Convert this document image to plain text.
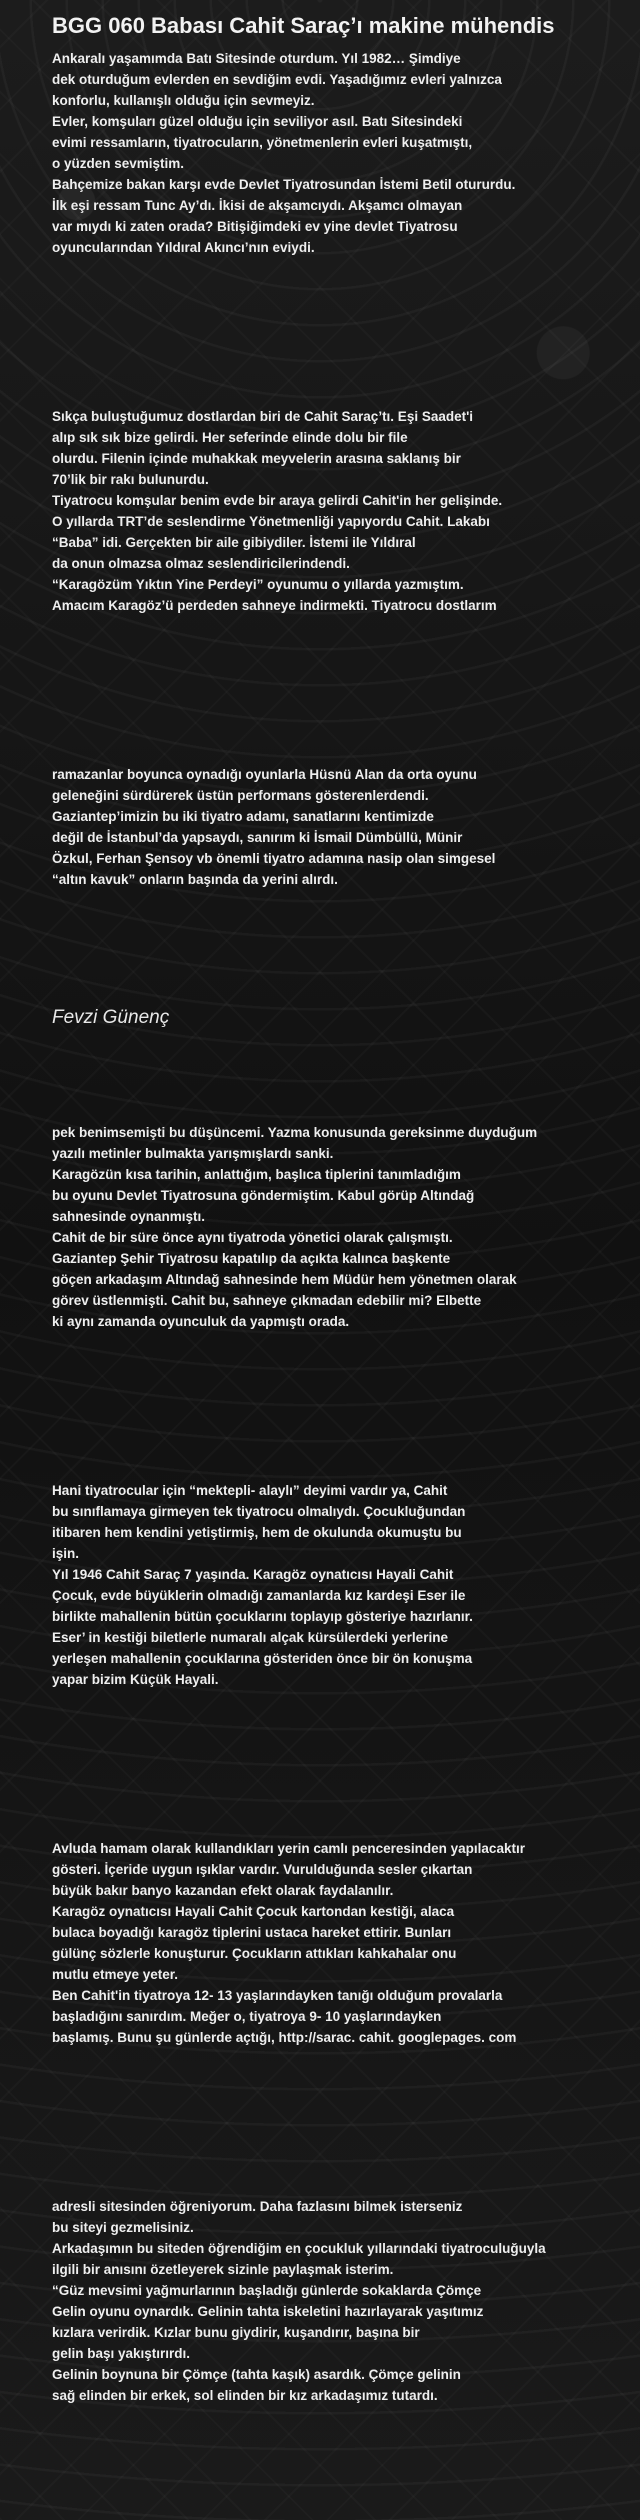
BGG 060 Babası Cahit Saraç’ı makine mühendis
Ankaralı yaşamımda Batı Sitesinde oturdum. Yıl 1982… Şimdiye
dek oturduğum evlerden en sevdiğim evdi. Yaşadığımız evleri yalnızca
konforlu, kullanışlı olduğu için sevmeyiz.
Evler, komşuları güzel olduğu için seviliyor asıl. Batı Sitesindeki
evimi ressamların, tiyatrocuların, yönetmenlerin evleri kuşatmıştı,
o yüzden sevmiştim.
Bahçemize bakan karşı evde Devlet Tiyatrosundan İstemi Betil otururdu.
İlk eşi ressam Tunc Ay’dı. İkisi de akşamcıydı. Akşamcı olmayan
var mıydı ki zaten orada? Bitişiğimdeki ev yine devlet Tiyatrosu
oyuncularından Yıldıral Akıncı’nın eviydi.
Sıkça buluştuğumuz dostlardan biri de Cahit Saraç’tı. Eşi Saadet'i
alıp sık sık bize gelirdi. Her seferinde elinde dolu bir file
olurdu. Filenin içinde muhakkak meyvelerin arasına saklanış bir
70’lik bir rakı bulunurdu.
Tiyatrocu komşular benim evde bir araya gelirdi Cahit'in her gelişinde.
O yıllarda TRT’de seslendirme Yönetmenliği yapıyordu Cahit. Lakabı
“Baba” idi. Gerçekten bir aile gibiydiler. İstemi ile Yıldıral
da onun olmazsa olmaz seslendiricilerindendi.
“Karagözüm Yıktın Yine Perdeyi” oyunumu o yıllarda yazmıştım.
Amacım Karagöz’ü perdeden sahneye indirmekti. Tiyatrocu dostlarım
ramazanlar boyunca oynadığı oyunlarla Hüsnü Alan da orta oyunu
geleneğini sürdürerek üstün performans gösterenlerdendi.
Gaziantep’imizin bu iki tiyatro adamı, sanatlarını kentimizde
değil de İstanbul’da yapsaydı, sanırım ki İsmail Dümbüllü, Münir
Özkul, Ferhan Şensoy vb önemli tiyatro adamına nasip olan simgesel
“altın kavuk” onların başında da yerini alırdı.
Fevzi Günenç
pek benimsemişti bu düşüncemi. Yazma konusunda gereksinme duyduğum
yazılı metinler bulmakta yarışmışlardı sanki.
Karagözün kısa tarihin, anlattığım, başlıca tiplerini tanımladığım
bu oyunu Devlet Tiyatrosuna göndermiştim. Kabul görüp Altındağ
sahnesinde oynanmıştı.
Cahit de bir süre önce aynı tiyatroda yönetici olarak çalışmıştı.
Gaziantep Şehir Tiyatrosu kapatılıp da açıkta kalınca başkente
göçen arkadaşım Altındağ sahnesinde hem Müdür hem yönetmen olarak
görev üstlenmişti. Cahit bu, sahneye çıkmadan edebilir mi? Elbette
ki aynı zamanda oyunculuk da yapmıştı orada.
Hani tiyatrocular için “mektepli- alaylı” deyimi vardır ya, Cahit
bu sınıflamaya girmeyen tek tiyatrocu olmalıydı. Çocukluğundan
itibaren hem kendini yetiştirmiş, hem de okulunda okumuştu bu
işin.
Yıl 1946 Cahit Saraç 7 yaşında. Karagöz oynatıcısı Hayali Cahit
Çocuk, evde büyüklerin olmadığı zamanlarda kız kardeşi Eser ile
birlikte mahallenin bütün çocuklarını toplayıp gösteriye hazırlanır.
Eser’ in kestiği biletlerle numaralı alçak kürsülerdeki yerlerine
yerleşen mahallenin çocuklarına gösteriden önce bir ön konuşma
yapar bizim Küçük Hayali.
Avluda hamam olarak kullandıkları yerin camlı penceresinden yapılacaktır
gösteri. İçeride uygun ışıklar vardır. Vurulduğunda sesler çıkartan
büyük bakır banyo kazandan efekt olarak faydalanılır.
Karagöz oynatıcısı Hayali Cahit Çocuk kartondan kestiği, alaca
bulaca boyadığı karagöz tiplerini ustaca hareket ettirir. Bunları
gülünç sözlerle konuşturur. Çocukların attıkları kahkahalar onu
mutlu etmeye yeter.
Ben Cahit'in tiyatroya 12- 13 yaşlarındayken tanığı olduğum provalarla
başladığını sanırdım. Meğer o, tiyatroya 9- 10 yaşlarındayken
başlamış. Bunu şu günlerde açtığı, http://sarac. cahit. googlepages. com
adresli sitesinden öğreniyorum. Daha fazlasını bilmek isterseniz
bu siteyi gezmelisiniz.
Arkadaşımın bu siteden öğrendiğim en çocukluk yıllarındaki tiyatroculuğuyla
ilgili bir anısını özetleyerek sizinle paylaşmak isterim.
“Güz mevsimi yağmurlarının başladığı günlerde sokaklarda Çömçe
Gelin oyunu oynardık. Gelinin tahta iskeletini hazırlayarak yaşıtımız
kızlara verirdik. Kızlar bunu giydirir, kuşandırır, başına bir
gelin başı yakıştırırdı.
Gelinin boynuna bir Çömçe (tahta kaşık) asardık. Çömçe gelinin
sağ elinden bir erkek, sol elinden bir kız arkadaşımız tutardı.
